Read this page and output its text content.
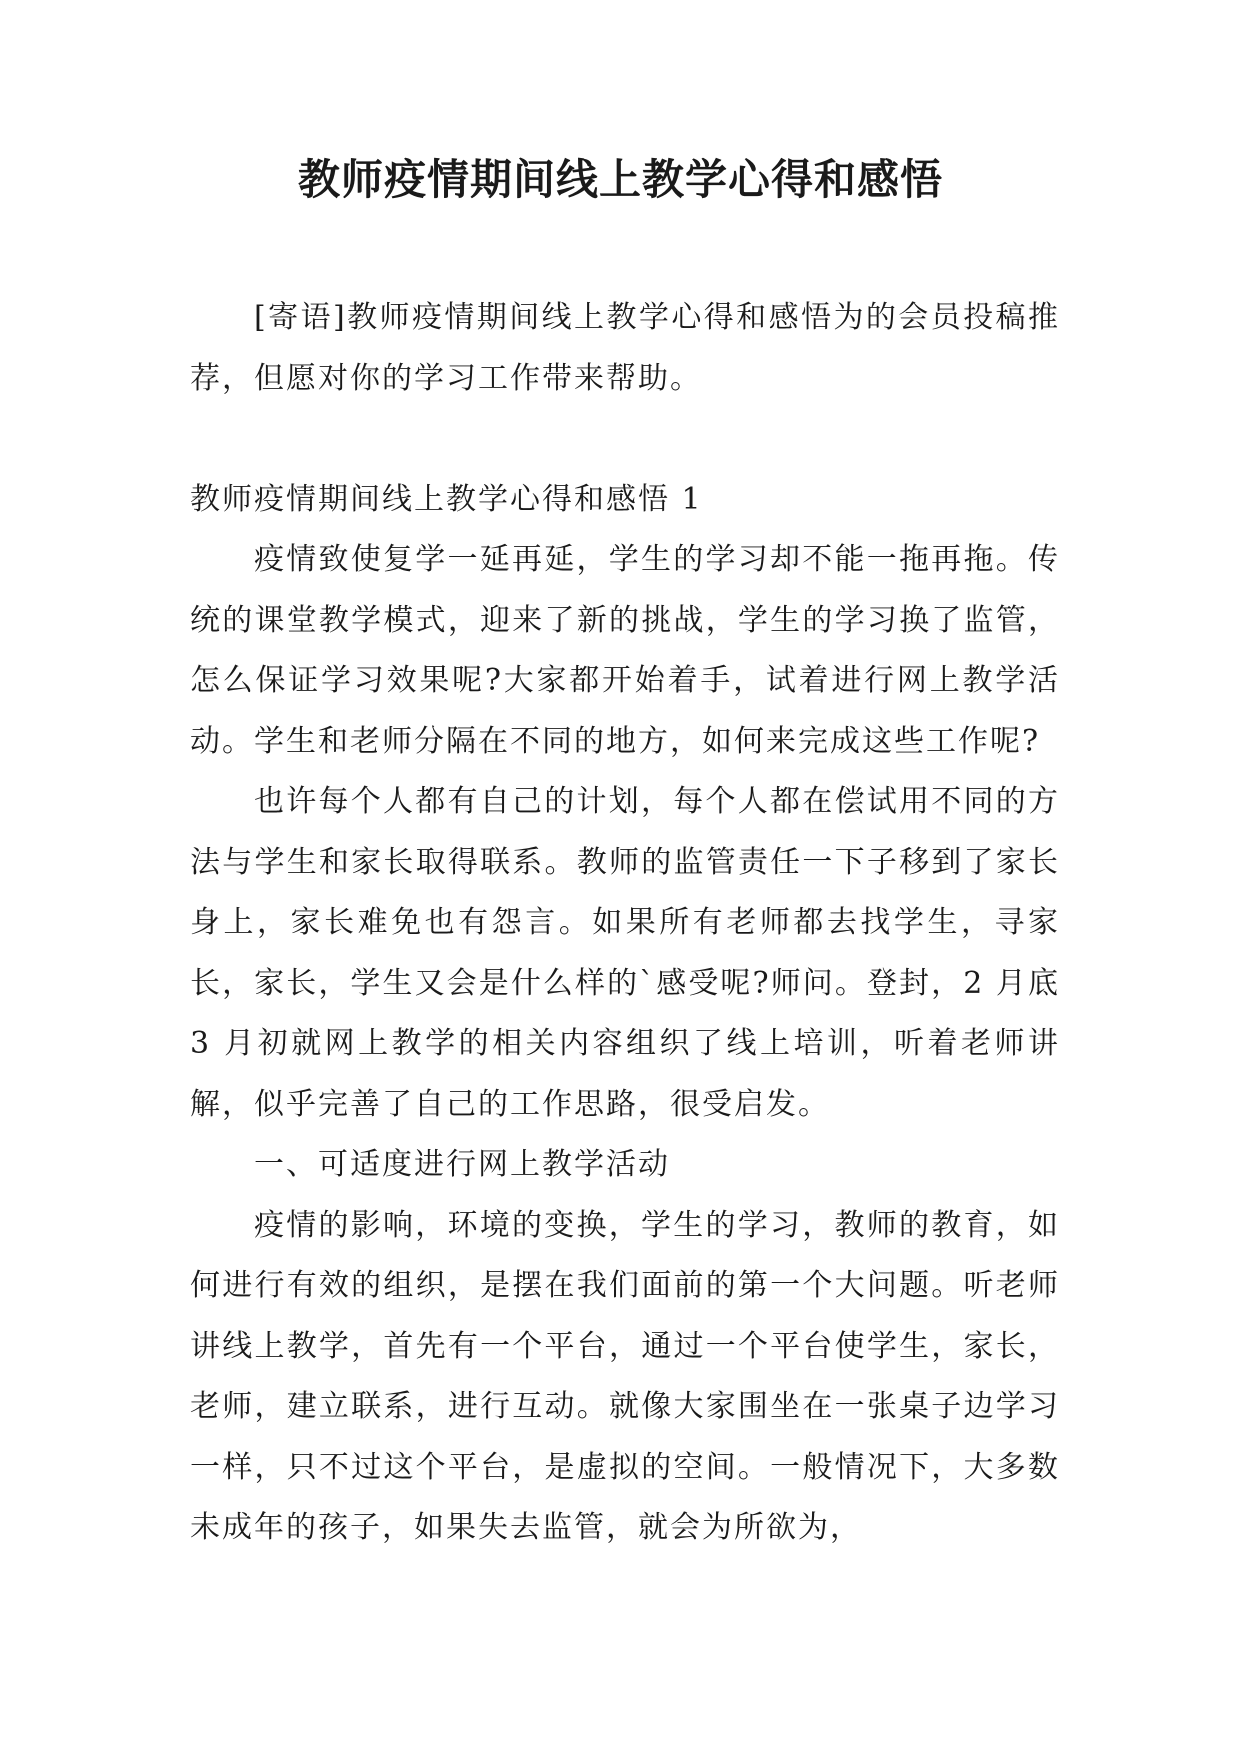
教师疫情期间线上教学心得和感悟

[寄语]教师疫情期间线上教学心得和感悟为的会员投稿推荐，但愿对你的学习工作带来帮助。

教师疫情期间线上教学心得和感悟 1

疫情致使复学一延再延，学生的学习却不能一拖再拖。传统的课堂教学模式，迎来了新的挑战，学生的学习换了监管，怎么保证学习效果呢?大家都开始着手，试着进行网上教学活动。学生和老师分隔在不同的地方，如何来完成这些工作呢?

也许每个人都有自己的计划，每个人都在偿试用不同的方法与学生和家长取得联系。教师的监管责任一下子移到了家长身上，家长难免也有怨言。如果所有老师都去找学生，寻家长，家长，学生又会是什么样的`感受呢?师问。登封，2 月底 3 月初就网上教学的相关内容组织了线上培训，听着老师讲解，似乎完善了自己的工作思路，很受启发。

一、可适度进行网上教学活动

疫情的影响，环境的变换，学生的学习，教师的教育，如何进行有效的组织，是摆在我们面前的第一个大问题。听老师讲线上教学，首先有一个平台，通过一个平台使学生，家长，老师，建立联系，进行互动。就像大家围坐在一张桌子边学习一样，只不过这个平台，是虚拟的空间。一般情况下，大多数未成年的孩子，如果失去监管，就会为所欲为，
